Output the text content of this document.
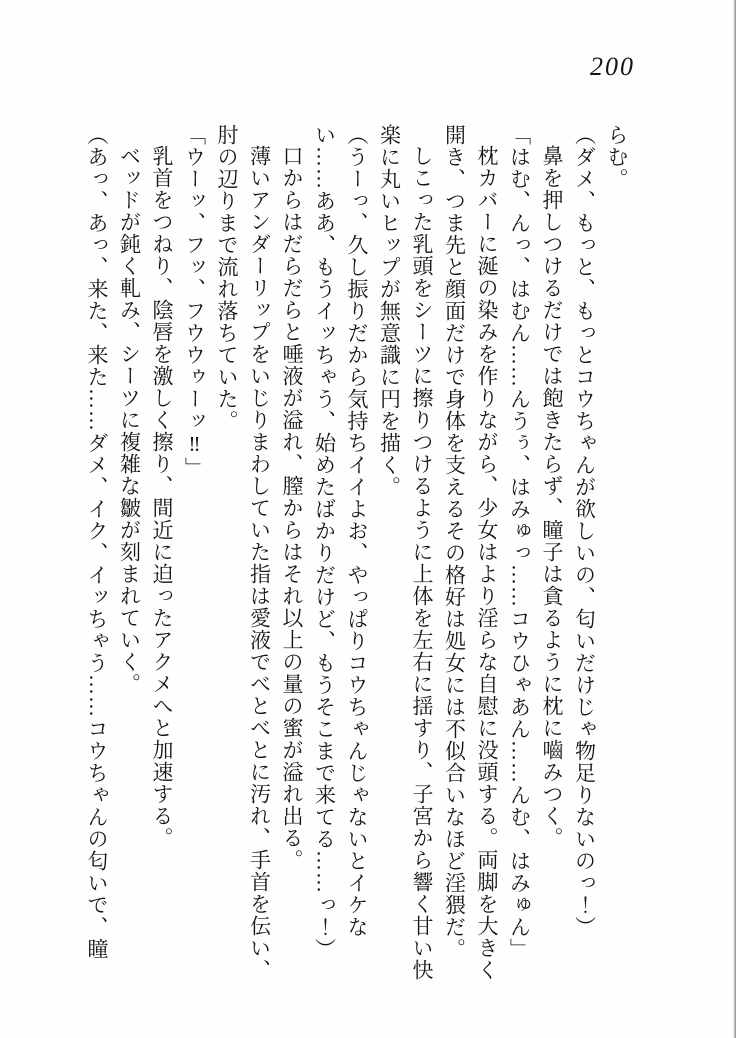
200

らむ。

（ダメ、もっと、もっとコウちゃんが欲しいの、匂いだけじゃ物足りないのっ！）

鼻を押しつけるだけでは飽きたらず、瞳子は貪るように枕に嚙みつく。

「はむ、んっ、はむん……んうぅ、はみゅっ……コウひゃあん……んむ、はみゅん」

枕カバーに涎の染みを作りながら、少女はより淫らな自慰に没頭する。両脚を大きく開き、つま先と顔面だけで身体を支えるその格好は処女には不似合いなほど淫猥だ。

しこった乳頭をシーツに擦りつけるように上体を左右に揺すり、子宮から響く甘い快楽に丸いヒップが無意識に円を描く。

（うーっ、久し振りだから気持ちイイよお、やっぱりコウちゃんじゃないとイケない……ああ、もうイッちゃう、始めたばかりだけど、もうそこまで来てる……っ！）

口からはだらだらと唾液が溢れ、膣からはそれ以上の量の蜜が溢れ出る。

薄いアンダーリップをいじりまわしていた指は愛液でべとべとに汚れ、手首を伝い、肘の辺りまで流れ落ちていた。

「ウーッ、フッ、フウウゥーッ‼」

乳首をつねり、陰唇を激しく擦り、間近に迫ったアクメへと加速する。

ベッドが鈍く軋み、シーツに複雑な皺が刻まれていく。

（あっ、あっ、来た、来た……ダメ、イク、イッちゃう……コウちゃんの匂いで、瞳
